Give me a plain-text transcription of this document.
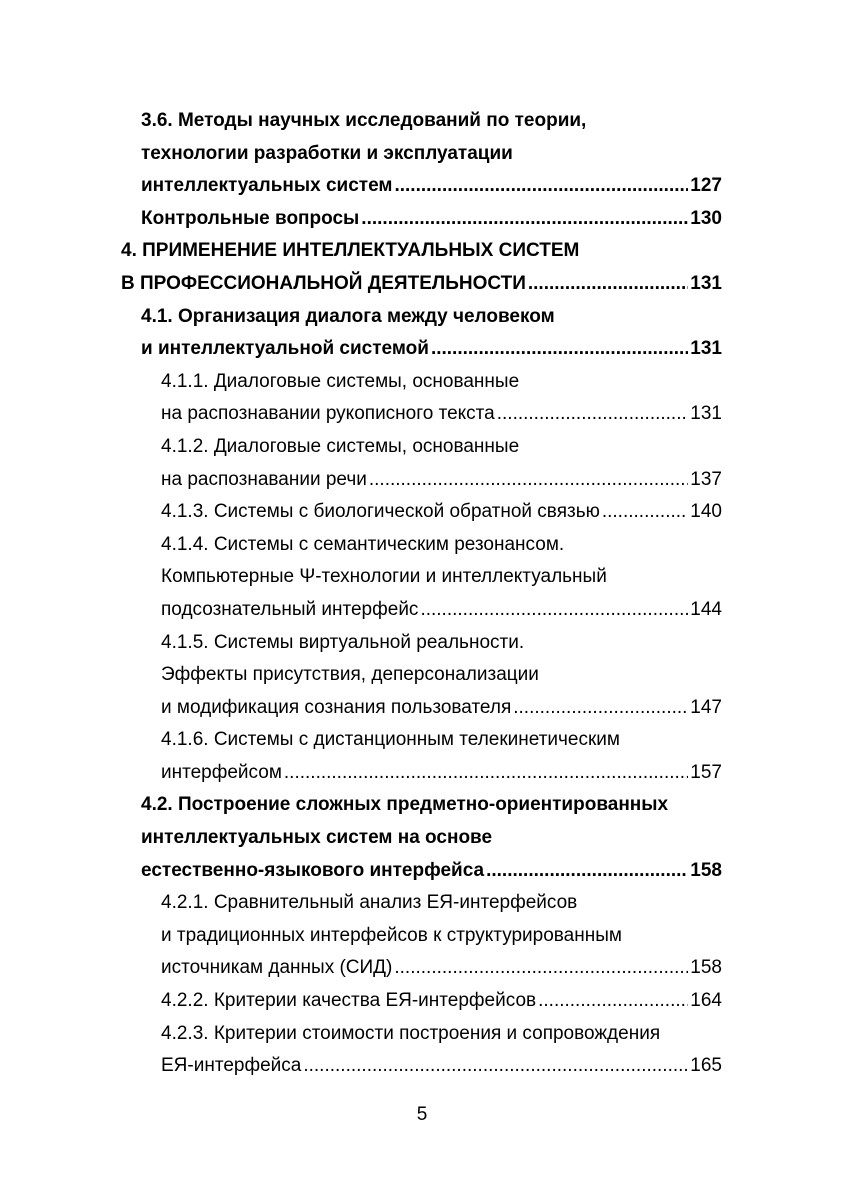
3.6. Методы научных исследований по теории,
технологии разработки и эксплуатации
интеллектуальных систем .....	127
Контрольные вопросы .....	130
4. ПРИМЕНЕНИЕ ИНТЕЛЛЕКТУАЛЬНЫХ СИСТЕМ
В ПРОФЕССИОНАЛЬНОЙ ДЕЯТЕЛЬНОСТИ .....	131
4.1. Организация диалога между человеком
и интеллектуальной системой .....	131
4.1.1. Диалоговые системы, основанные
на распознавании рукописного текста .....	131
4.1.2. Диалоговые системы, основанные
на распознавании речи .....	137
4.1.3. Системы с биологической обратной связью .....	140
4.1.4. Системы с семантическим резонансом.
Компьютерные Ψ-технологии и интеллектуальный
подсознательный интерфейс .....	144
4.1.5. Системы виртуальной реальности.
Эффекты присутствия, деперсонализации
и модификация сознания пользователя .....	147
4.1.6. Системы с дистанционным телекинетическим
интерфейсом .....	157
4.2. Построение сложных предметно-ориентированных
интеллектуальных систем на основе
естественно-языкового интерфейса .....	158
4.2.1. Сравнительный анализ ЕЯ-интерфейсов
и традиционных интерфейсов к структурированным
источникам данных (СИД) .....	158
4.2.2. Критерии качества ЕЯ-интерфейсов .....	164
4.2.3. Критерии стоимости построения и сопровождения
ЕЯ-интерфейса .....	165
5
